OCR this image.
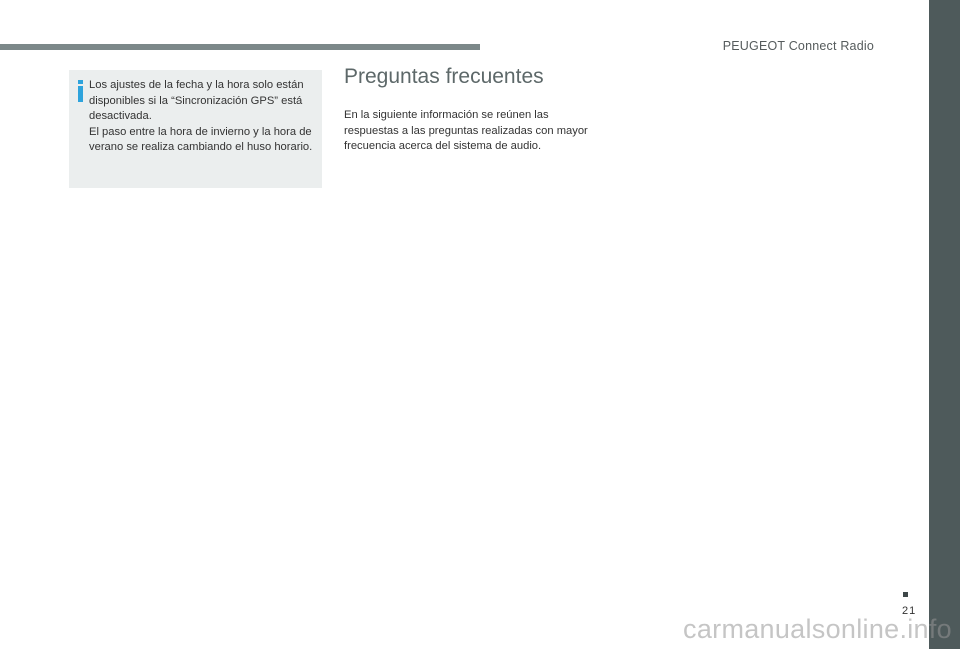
PEUGEOT Connect Radio

Los ajustes de la fecha y la hora solo están disponibles si la “Sincronización GPS” está desactivada.

El paso entre la hora de invierno y la hora de verano se realiza cambiando el huso horario.

Preguntas frecuentes

En la siguiente información se reúnen las respuestas a las preguntas realizadas con mayor frecuencia acerca del sistema de audio.

21
carmanualsonline.info
